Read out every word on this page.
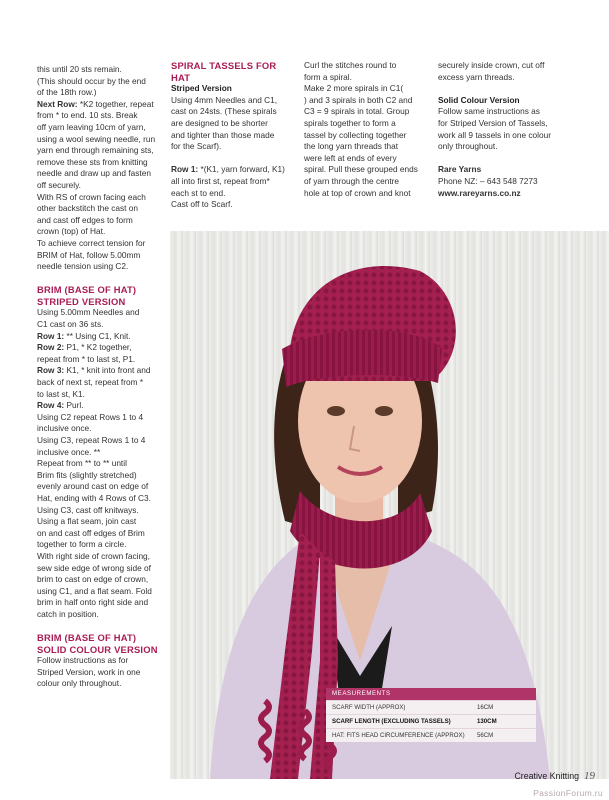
this until 20 sts remain.

(This should occur by the end

of the 18th row.)

Next Row: *K2 together, repeat

from * to end. 10 sts. Break

off yarn leaving 10cm of yarn,

using a wool sewing needle, run

yarn end through remaining sts,

remove these sts from knitting

needle and draw up and fasten

off securely.

With RS of crown facing each

other backstitch the cast on

and cast off edges to form

crown (top) of Hat.

To achieve correct tension for

BRIM of Hat, follow 5.00mm

needle tension using C2.

BRIM (BASE OF HAT)

STRIPED VERSION

Using 5.00mm Needles and

C1 cast on 36 sts.

Row 1: ** Using C1, Knit.

Row 2: P1, * K2 together,

repeat from * to last st, P1.

Row 3: K1, * knit into front and

back of next st, repeat from *

to last st, K1.

Row 4: Purl.

Using C2 repeat Rows 1 to 4

inclusive once.

Using C3, repeat Rows 1 to 4

inclusive once. **

Repeat from ** to ** until

Brim fits (slightly stretched)

evenly around cast on edge of

Hat, ending with 4 Rows of C3.

Using C3, cast off knitways.

Using a flat seam, join cast

on and cast off edges of Brim

together to form a circle.

With right side of crown facing,

sew side edge of wrong side of

brim to cast on edge of crown,

using C1, and a flat seam. Fold

brim in half onto right side and

catch in position.

BRIM (BASE OF HAT)

SOLID COLOUR VERSION

Follow instructions as for

Striped Version, work in one

colour only throughout.

SPIRAL TASSELS FOR HAT

Striped Version

Using 4mm Needles and C1,

cast on 24sts. (These spirals

are designed to be shorter

and tighter than those made

for the Scarf).

Row 1: *(K1, yarn forward, K1)

all into first st, repeat from*

each st to end.

Cast off to Scarf.

Curl the stitches round to

form a spiral.

Make 2 more spirals in C1(

) and 3 spirals in both C2 and

C3 = 9 spirals in total. Group

spirals together to form a

tassel by collecting together

the long yarn threads that

were left at ends of every

spiral. Pull these grouped ends

of yarn through the centre

hole at top of crown and knot

securely inside crown, cut off

excess yarn threads.

Solid Colour Version

Follow same instructions as

for Striped Version of Tassels,

work all 9 tassels in one colour

only throughout.

Rare Yarns

Phone NZ: – 643 548 7273

www.rareyarns.co.nz

MEASUREMENTS
SCARF WIDTH (APPROX)	16CM
SCARF LENGTH (EXCLUDING TASSELS)	130CM
HAT: FITS HEAD CIRCUMFERENCE (APPROX)	56CM
Creative Knitting 19
PassionForum.ru
